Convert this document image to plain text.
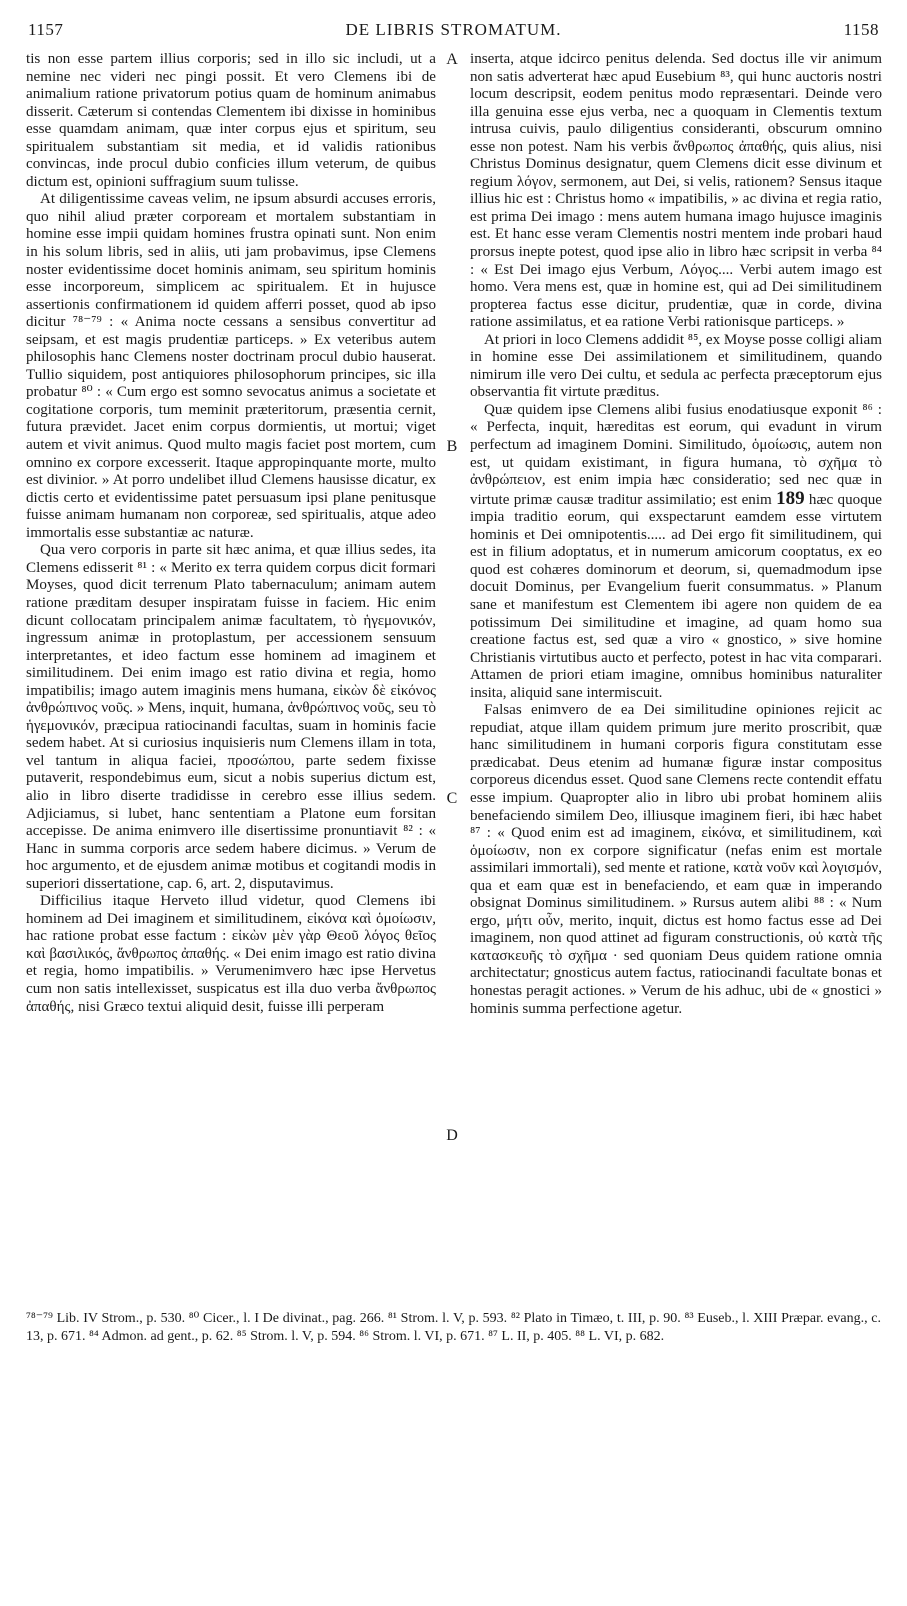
1157	DE LIBRIS STROMATUM.	1158

tis non esse partem illius corporis; sed in illo sic includi, ut a nemine nec videri nec pingi possit. Et vero Clemens ibi de animalium ratione privatorum potius quam de hominum animabus disserit. Cæterum si contendas Clementem ibi dixisse in hominibus esse quamdam animam, quæ inter corpus ejus et spiritum, seu spiritualem substantiam sit media, et id validis rationibus convincas, inde procul dubio conficies illum veterum, de quibus dictum est, opinioni suffragium suum tulisse.

At diligentissime caveas velim, ne ipsum absurdi accuses erroris, quo nihil aliud præter corpoream et mortalem substantiam in homine esse impii quidam homines frustra opinati sunt. Non enim in his solum libris, sed in aliis, uti jam probavimus, ipse Clemens noster evidentissime docet hominis animam, seu spiritum hominis esse incorporeum, simplicem ac spiritualem. Et in hujusce assertionis confirmationem id quidem afferri posset, quod ab ipso dicitur ⁷⁸⁻⁷⁹ : « Anima nocte cessans a sensibus convertitur ad seipsam, et est magis prudentiæ particeps. » Ex veteribus autem philosophis hanc Clemens noster doctrinam procul dubio hauserat. Tullio siquidem, post antiquiores philosophorum principes, sic illa probatur ⁸⁰ : « Cum ergo est somno sevocatus animus a societate et cogitatione corporis, tum meminit præteritorum, præsentia cernit, futura prævidet. Jacet enim corpus dormientis, ut mortui; viget autem et vivit animus. Quod multo magis faciet post mortem, cum omnino ex corpore excesserit. Itaque appropinquante morte, multo est divinior. » At porro undelibet illud Clemens hausisse dicatur, ex dictis certo et evidentissime patet persuasum ipsi plane penitusque fuisse animam humanam non corporeæ, sed spiritualis, atque adeo immortalis esse substantiæ ac naturæ.

Qua vero corporis in parte sit hæc anima, et quæ illius sedes, ita Clemens edisserit ⁸¹ : « Merito ex terra quidem corpus dicit formari Moyses, quod dicit terrenum Plato tabernaculum; animam autem ratione præditam desuper inspiratam fuisse in faciem. Hic enim dicunt collocatam principalem animæ facultatem, τὸ ἡγεμονικόν, ingressum animæ in protoplastum, per accessionem sensuum interpretantes, et ideo factum esse hominem ad imaginem et similitudinem. Dei enim imago est ratio divina et regia, homo impatibilis; imago autem imaginis mens humana, εἰκὼν δὲ εἰκόνος ἀνθρώπινος νοῦς. » Mens, inquit, humana, ἀνθρώπινος νοῦς, seu τὸ ἡγεμονικόν, præcipua ratiocinandi facultas, suam in hominis facie sedem habet. At si curiosius inquisieris num Clemens illam in tota, vel tantum in aliqua faciei, προσώπου, parte sedem fixisse putaverit, respondebimus eum, sicut a nobis superius dictum est, alio in libro diserte tradidisse in cerebro esse illius sedem. Adjiciamus, si lubet, hanc sententiam a Platone eum forsitan accepisse. De anima enimvero ille disertissime pronuntiavit ⁸² : « Hanc in summa corporis arce sedem habere dicimus. » Verum de hoc argumento, et de ejusdem animæ motibus et cogitandi modis in superiori dissertatione, cap. 6, art. 2, disputavimus.

Difficilius itaque Herveto illud videtur, quod Clemens ibi hominem ad Dei imaginem et similitudinem, εἰκόνα καὶ ὁμοίωσιν, hac ratione probat esse factum : εἰκὼν μὲν γὰρ Θεοῦ λόγος θεῖος καὶ βασιλικός, ἄνθρωπος ἀπαθής. « Dei enim imago est ratio divina et regia, homo impatibilis. » Verumenimvero hæc ipse Hervetus cum non satis intellexisset, suspicatus est illa duo verba ἄνθρωπος ἀπαθής, nisi Græco textui aliquid desit, fuisse illi perperam

A
B
C
D

inserta, atque idcirco penitus delenda. Sed doctus ille vir animum non satis adverterat hæc apud Eusebium ⁸³, qui hunc auctoris nostri locum descripsit, eodem penitus modo repræsentari. Deinde vero illa genuina esse ejus verba, nec a quoquam in Clementis textum intrusa cuivis, paulo diligentius consideranti, obscurum omnino esse non potest. Nam his verbis ἄνθρωπος ἀπαθής, quis alius, nisi Christus Dominus designatur, quem Clemens dicit esse divinum et regium λόγον, sermonem, aut Dei, si velis, rationem? Sensus itaque illius hic est : Christus homo « impatibilis, » ac divina et regia ratio, est prima Dei imago : mens autem humana imago hujusce imaginis est. Et hanc esse veram Clementis nostri mentem inde probari haud prorsus inepte potest, quod ipse alio in libro hæc scripsit in verba ⁸⁴ : « Est Dei imago ejus Verbum, Λόγος.... Verbi autem imago est homo. Vera mens est, quæ in homine est, qui ad Dei similitudinem propterea factus esse dicitur, prudentiæ, quæ in corde, divina ratione assimilatus, et ea ratione Verbi rationisque particeps. »

At priori in loco Clemens addidit ⁸⁵, ex Moyse posse colligi aliam in homine esse Dei assimilationem et similitudinem, quando nimirum ille vero Dei cultu, et sedula ac perfecta præceptorum ejus observantia fit virtute præditus.

Quæ quidem ipse Clemens alibi fusius enodatiusque exponit ⁸⁶ : « Perfecta, inquit, hæreditas est eorum, qui evadunt in virum perfectum ad imaginem Domini. Similitudo, ὁμοίωσις, autem non est, ut quidam existimant, in figura humana, τὸ σχῆμα τὸ ἀνθρώπειον, est enim impia hæc consideratio; sed nec quæ in virtute primæ causæ traditur assimilatio; est enim 189 hæc quoque impia traditio eorum, qui exspectarunt eamdem esse virtutem hominis et Dei omnipotentis..... ad Dei ergo fit similitudinem, qui est in filium adoptatus, et in numerum amicorum cooptatus, ex eo quod est cohæres dominorum et deorum, si, quemadmodum ipse docuit Dominus, per Evangelium fuerit consummatus. » Planum sane et manifestum est Clementem ibi agere non quidem de ea potissimum Dei similitudine et imagine, ad quam homo sua creatione factus est, sed quæ a viro « gnostico, » sive homine Christianis virtutibus aucto et perfecto, potest in hac vita comparari. Attamen de priori etiam imagine, omnibus hominibus naturaliter insita, aliquid sane intermiscuit.

Falsas enimvero de ea Dei similitudine opiniones rejicit ac repudiat, atque illam quidem primum jure merito proscribit, quæ hanc similitudinem in humani corporis figura constitutam esse prædicabat. Deus etenim ad humanæ figuræ instar compositus corporeus dicendus esset. Quod sane Clemens recte contendit effatu esse impium. Quapropter alio in libro ubi probat hominem aliis benefaciendo similem Deo, illiusque imaginem fieri, ibi hæc habet ⁸⁷ : « Quod enim est ad imaginem, εἰκόνα, et similitudinem, καὶ ὁμοίωσιν, non ex corpore significatur (nefas enim est mortale assimilari immortali), sed mente et ratione, κατὰ νοῦν καὶ λογισμόν, qua et eam quæ est in benefaciendo, et eam quæ in imperando obsignat Dominus similitudinem. » Rursus autem alibi ⁸⁸ : « Num ergo, μήτι οὖν, merito, inquit, dictus est homo factus esse ad Dei imaginem, non quod attinet ad figuram constructionis, οὐ κατὰ τῆς κατασκευῆς τὸ σχῆμα · sed quoniam Deus quidem ratione omnia architectatur; gnosticus autem factus, ratiocinandi facultate bonas et honestas peragit actiones. » Verum de his adhuc, ubi de « gnostici » hominis summa perfectione agetur.

⁷⁸⁻⁷⁹ Lib. IV Strom., p. 530. ⁸⁰ Cicer., l. I De divinat., pag. 266. ⁸¹ Strom. l. V, p. 593. ⁸² Plato in Timæo, t. III, p. 90. ⁸³ Euseb., l. XIII Præpar. evang., c. 13, p. 671. ⁸⁴ Admon. ad gent., p. 62. ⁸⁵ Strom. l. V, p. 594. ⁸⁶ Strom. l. VI, p. 671. ⁸⁷ L. II, p. 405. ⁸⁸ L. VI, p. 682.
